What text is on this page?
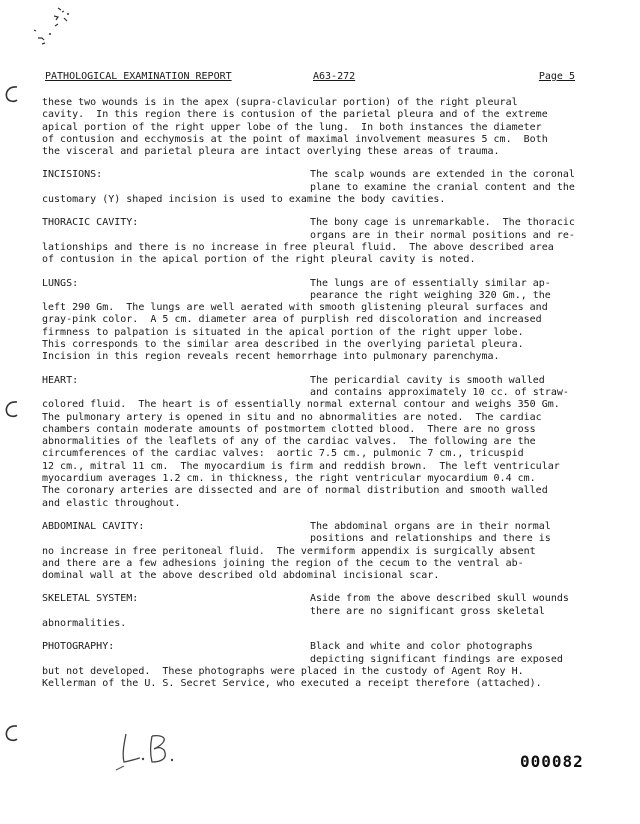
PATHOLOGICAL EXAMINATION REPORT	A63-272	Page 5
these two wounds is in the apex (supra-clavicular portion) of the right pleural
cavity.  In this region there is contusion of the parietal pleura and of the extreme
apical portion of the right upper lobe of the lung.  In both instances the diameter
of contusion and ecchymosis at the point of maximal involvement measures 5 cm.  Both
the visceral and parietal pleura are intact overlying these areas of trauma.
INCISIONS:	The scalp wounds are extended in the coronal
plane to examine the cranial content and the
customary (Y) shaped incision is used to examine the body cavities.
THORACIC CAVITY:	The bony cage is unremarkable.  The thoracic
organs are in their normal positions and re-
lationships and there is no increase in free pleural fluid.  The above described area
of contusion in the apical portion of the right pleural cavity is noted.
LUNGS:	The lungs are of essentially similar ap-
pearance the right weighing 320 Gm., the
left 290 Gm.  The lungs are well aerated with smooth glistening pleural surfaces and
gray-pink color.  A 5 cm. diameter area of purplish red discoloration and increased
firmness to palpation is situated in the apical portion of the right upper lobe.
This corresponds to the similar area described in the overlying parietal pleura.
Incision in this region reveals recent hemorrhage into pulmonary parenchyma.
HEART:	The pericardial cavity is smooth walled
and contains approximately 10 cc. of straw-
colored fluid.  The heart is of essentially normal external contour and weighs 350 Gm.
The pulmonary artery is opened in situ and no abnormalities are noted.  The cardiac
chambers contain moderate amounts of postmortem clotted blood.  There are no gross
abnormalities of the leaflets of any of the cardiac valves.  The following are the
circumferences of the cardiac valves:  aortic 7.5 cm., pulmonic 7 cm., tricuspid
12 cm., mitral 11 cm.  The myocardium is firm and reddish brown.  The left ventricular
myocardium averages 1.2 cm. in thickness, the right ventricular myocardium 0.4 cm.
The coronary arteries are dissected and are of normal distribution and smooth walled
and elastic throughout.
ABDOMINAL CAVITY:	The abdominal organs are in their normal
positions and relationships and there is
no increase in free peritoneal fluid.  The vermiform appendix is surgically absent
and there are a few adhesions joining the region of the cecum to the ventral ab-
dominal wall at the above described old abdominal incisional scar.
SKELETAL SYSTEM:	Aside from the above described skull wounds
there are no significant gross skeletal
abnormalities.
PHOTOGRAPHY:	Black and white and color photographs
depicting significant findings are exposed
but not developed.  These photographs were placed in the custody of Agent Roy H.
Kellerman of the U. S. Secret Service, who executed a receipt therefore (attached).
000082
